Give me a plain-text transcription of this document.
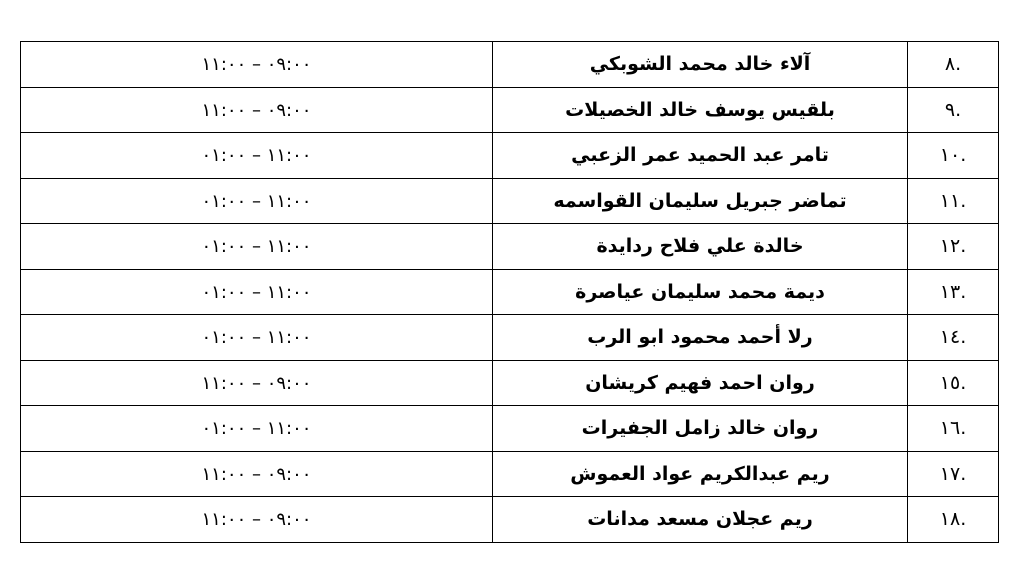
.٨	آلاء خالد محمد الشوبكي	٠٩:٠٠ – ١١:٠٠
.٩	بلقيس يوسف خالد الخصيلات	٠٩:٠٠ – ١١:٠٠
.١٠	تامر عبد الحميد عمر الزعبي	١١:٠٠ – ٠١:٠٠
.١١	تماضر جبريل سليمان القواسمه	١١:٠٠ – ٠١:٠٠
.١٢	خالدة علي فلاح ردايدة	١١:٠٠ – ٠١:٠٠
.١٣	ديمة محمد سليمان عياصرة	١١:٠٠ – ٠١:٠٠
.١٤	رلا أحمد محمود ابو الرب	١١:٠٠ – ٠١:٠٠
.١٥	روان احمد فهيم كريشان	٠٩:٠٠ – ١١:٠٠
.١٦	روان خالد زامل الجفيرات	١١:٠٠ – ٠١:٠٠
.١٧	ريم عبدالكريم عواد العموش	٠٩:٠٠ – ١١:٠٠
.١٨	ريم عجلان مسعد مدانات	٠٩:٠٠ – ١١:٠٠
